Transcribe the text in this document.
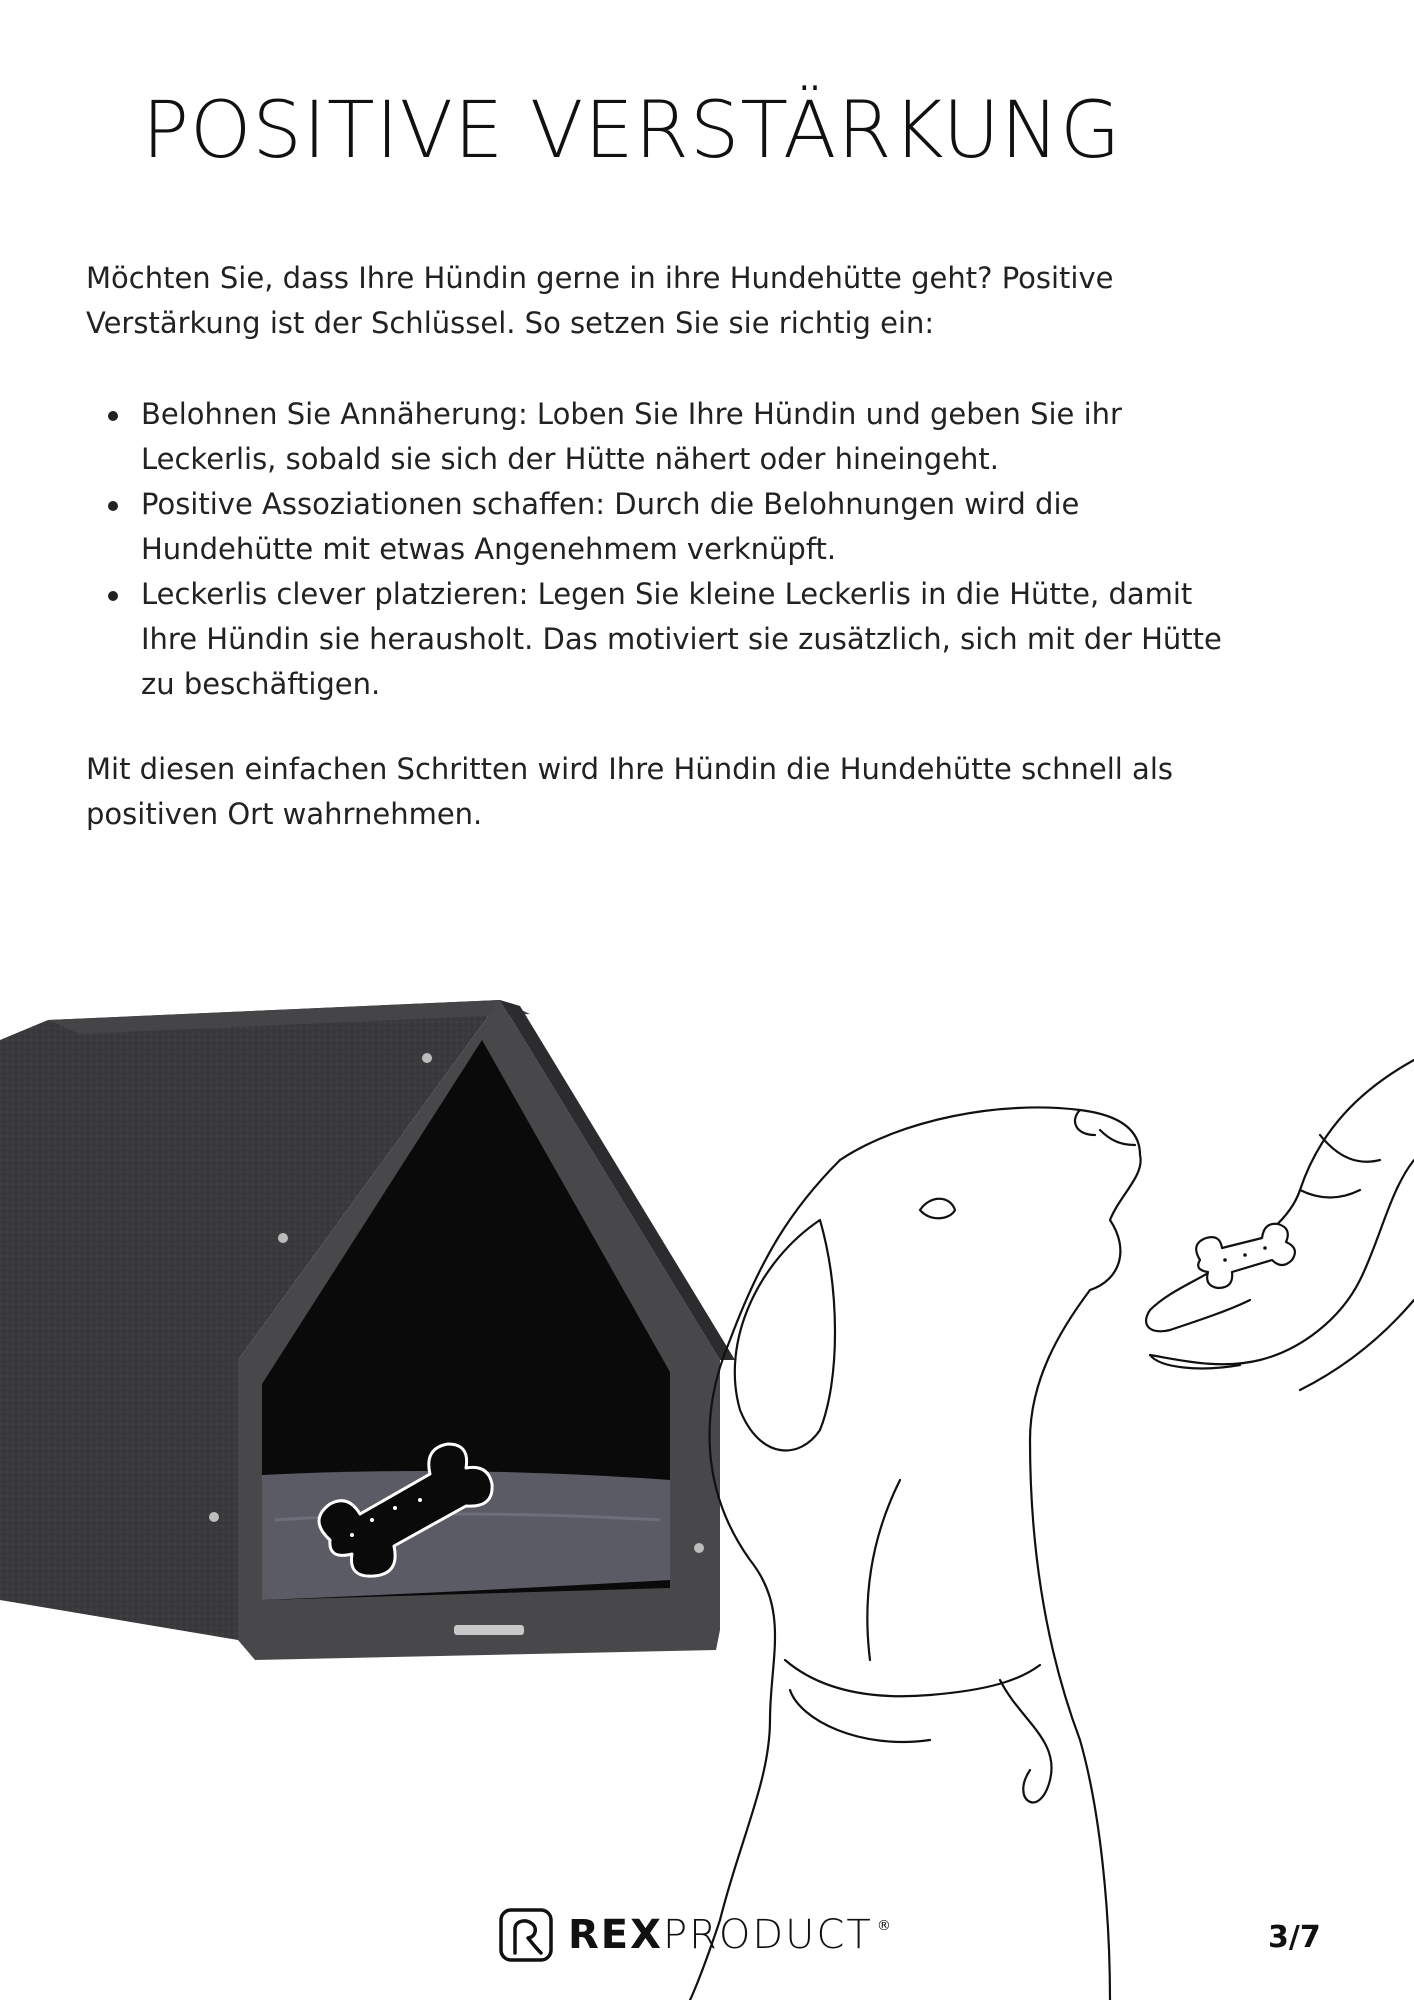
POSITIVE VERSTÄRKUNG

Möchten Sie, dass Ihre Hündin gerne in ihre Hundehütte geht? Positive
Verstärkung ist der Schlüssel. So setzen Sie sie richtig ein:

Belohnen Sie Annäherung: Loben Sie Ihre Hündin und geben Sie ihr
Leckerlis, sobald sie sich der Hütte nähert oder hineingeht.
Positive Assoziationen schaffen: Durch die Belohnungen wird die
Hundehütte mit etwas Angenehmem verknüpft.
Leckerlis clever platzieren: Legen Sie kleine Leckerlis in die Hütte, damit
Ihre Hündin sie herausholt. Das motiviert sie zusätzlich, sich mit der Hütte
zu beschäftigen.

Mit diesen einfachen Schritten wird Ihre Hündin die Hundehütte schnell als
positiven Ort wahrnehmen.

REXPRODUCT ®	3/7
